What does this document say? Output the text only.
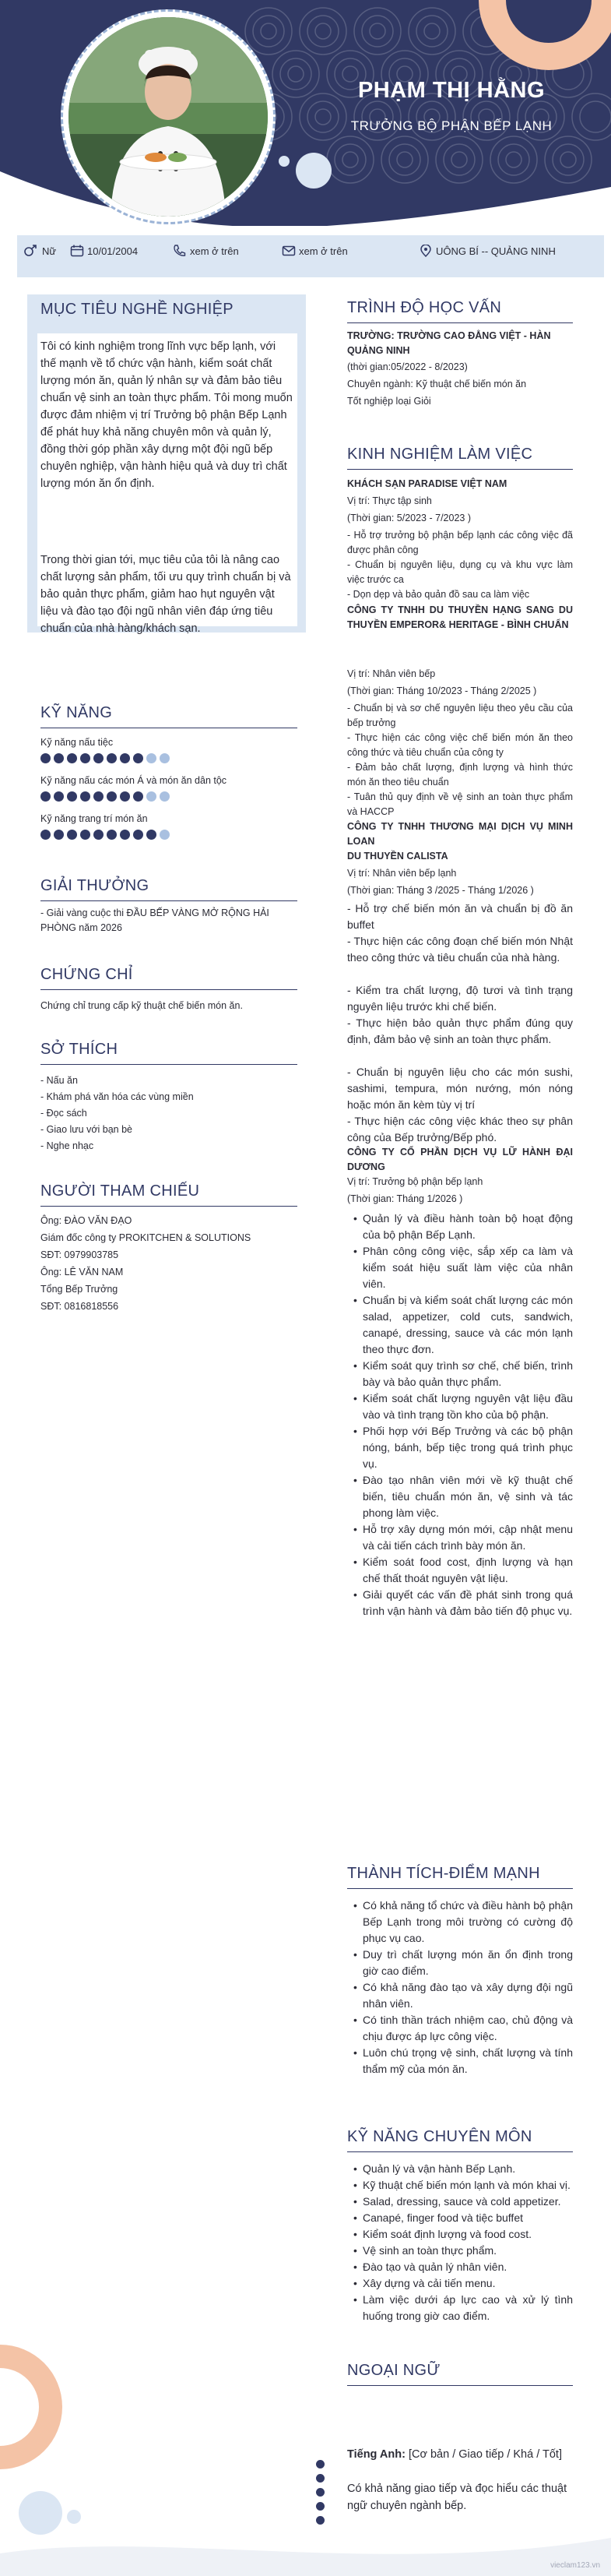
PHẠM THỊ HẰNG
TRƯỞNG BỘ PHẬN BẾP LẠNH
Nữ	10/01/2004	xem ở trên	xem ở trên	UÔNG BÍ -- QUẢNG NINH
MỤC TIÊU NGHỀ NGHIỆP
Tôi có kinh nghiệm trong lĩnh vực bếp lạnh, với thế mạnh về tổ chức vận hành, kiểm soát chất lượng món ăn, quản lý nhân sự và đảm bảo tiêu chuẩn vệ sinh an toàn thực phẩm. Tôi mong muốn được đảm nhiệm vị trí Trưởng bộ phận Bếp Lạnh để phát huy khả năng chuyên môn và quản lý, đồng thời góp phần xây dựng một đội ngũ bếp chuyên nghiệp, vận hành hiệu quả và duy trì chất lượng món ăn ổn định.
Trong thời gian tới, mục tiêu của tôi là nâng cao chất lượng sản phẩm, tối ưu quy trình chuẩn bị và bảo quản thực phẩm, giảm hao hụt nguyên vật liệu và đào tạo đội ngũ nhân viên đáp ứng tiêu chuẩn của nhà hàng/khách sạn.
KỸ NĂNG
Kỹ năng nấu tiệc
Kỹ năng nấu các món Á và món ăn dân tộc
Kỹ năng trang trí món ăn
GIẢI THƯỞNG
- Giải vàng cuộc thi ĐẦU BẾP VÀNG MỞ RỘNG HẢI PHÒNG năm 2026
CHỨNG CHỈ
Chứng chỉ trung cấp kỹ thuật chế biến món ăn.
SỞ THÍCH
- Nấu ăn
- Khám phá văn hóa các vùng miền
- Đọc sách
- Giao lưu với bạn bè
- Nghe nhạc
NGƯỜI THAM CHIẾU
Ông: ĐÀO VĂN ĐẠO
Giám đốc công ty PROKITCHEN & SOLUTIONS
SĐT: 0979903785
Ông: LÊ VĂN NAM
Tổng Bếp Trưởng
SĐT: 0816818556
TRÌNH ĐỘ HỌC VẤN
TRƯỜNG: TRƯỜNG CAO ĐẲNG VIỆT - HÀN QUẢNG NINH
(thời gian:05/2022 - 8/2023)
Chuyên ngành: Kỹ thuật chế biến món ăn
Tốt nghiệp loại Giỏi
KINH NGHIỆM LÀM VIỆC
KHÁCH SẠN PARADISE VIỆT NAM
Vị trí: Thực tập sinh
(Thời gian: 5/2023 - 7/2023 )
- Hỗ trợ trưởng bộ phận bếp lạnh các công việc đã được phân công
- Chuẩn bị nguyên liệu, dụng cụ và khu vực làm việc trước ca
- Dọn dẹp và bảo quản đồ sau ca làm việc
CÔNG TY TNHH DU THUYỀN HẠNG SANG DU THUYỀN EMPEROR& HERITAGE - BÌNH CHUẨN
Vị trí: Nhân viên bếp
(Thời gian: Tháng 10/2023 - Tháng 2/2025 )
- Chuẩn bị và sơ chế nguyên liệu theo yêu cầu của bếp trưởng
- Thực hiện các công việc chế biến món ăn theo công thức và tiêu chuẩn của công ty
- Đảm bảo chất lượng, định lượng và hình thức món ăn theo tiêu chuẩn
- Tuân thủ quy định về vệ sinh an toàn thực phẩm và HACCP
CÔNG TY TNHH THƯƠNG MẠI DỊCH VỤ MINH LOAN
DU THUYỀN CALISTA
Vị trí: Nhân viên bếp lạnh
(Thời gian: Tháng 3 /2025 - Tháng 1/2026 )
- Hỗ trợ chế biến món ăn và chuẩn bị đồ ăn buffet
- Thực hiện các công đoạn chế biến món Nhật theo công thức và tiêu chuẩn của nhà hàng.
- Kiểm tra chất lượng, độ tươi và tình trạng nguyên liệu trước khi chế biến.
- Thực hiện bảo quản thực phẩm đúng quy định, đảm bảo vệ sinh an toàn thực phẩm.
- Chuẩn bị nguyên liệu cho các món sushi, sashimi, tempura, món nướng, món nóng hoặc món ăn kèm tùy vị trí
- Thực hiện các công việc khác theo sự phân công của Bếp trưởng/Bếp phó.
CÔNG TY CỔ PHẦN DỊCH VỤ LỮ HÀNH ĐẠI DƯƠNG
Vị trí: Trưởng bộ phận bếp lạnh
(Thời gian: Tháng 1/2026 )
• Quản lý và điều hành toàn bộ hoạt động của bộ phận Bếp Lạnh.
• Phân công công việc, sắp xếp ca làm và kiểm soát hiệu suất làm việc của nhân viên.
• Chuẩn bị và kiểm soát chất lượng các món salad, appetizer, cold cuts, sandwich, canapé, dressing, sauce và các món lạnh theo thực đơn.
• Kiểm soát quy trình sơ chế, chế biến, trình bày và bảo quản thực phẩm.
• Kiểm soát chất lượng nguyên vật liệu đầu vào và tình trạng tồn kho của bộ phận.
• Phối hợp với Bếp Trưởng và các bộ phận nóng, bánh, bếp tiệc trong quá trình phục vụ.
• Đào tạo nhân viên mới về kỹ thuật chế biến, tiêu chuẩn món ăn, vệ sinh và tác phong làm việc.
• Hỗ trợ xây dựng món mới, cập nhật menu và cải tiến cách trình bày món ăn.
• Kiểm soát food cost, định lượng và hạn chế thất thoát nguyên vật liệu.
• Giải quyết các vấn đề phát sinh trong quá trình vận hành và đảm bảo tiến độ phục vụ.
THÀNH TÍCH-ĐIỂM MẠNH
• Có khả năng tổ chức và điều hành bộ phận Bếp Lạnh trong môi trường có cường độ phục vụ cao.
• Duy trì chất lượng món ăn ổn định trong giờ cao điểm.
• Có khả năng đào tạo và xây dựng đội ngũ nhân viên.
• Có tinh thần trách nhiệm cao, chủ động và chịu được áp lực công việc.
• Luôn chú trọng vệ sinh, chất lượng và tính thẩm mỹ của món ăn.
KỸ NĂNG CHUYÊN MÔN
• Quản lý và vận hành Bếp Lạnh.
• Kỹ thuật chế biến món lạnh và món khai vị.
• Salad, dressing, sauce và cold appetizer.
• Canapé, finger food và tiệc buffet
• Kiểm soát định lượng và food cost.
• Vệ sinh an toàn thực phẩm.
• Đào tạo và quản lý nhân viên.
• Xây dựng và cải tiến menu.
• Làm việc dưới áp lực cao và xử lý tình huống trong giờ cao điểm.
NGOẠI NGỮ
Tiếng Anh: [Cơ bản / Giao tiếp / Khá / Tốt]
Có khả năng giao tiếp và đọc hiểu các thuật ngữ chuyên ngành bếp.
vieclam123.vn
